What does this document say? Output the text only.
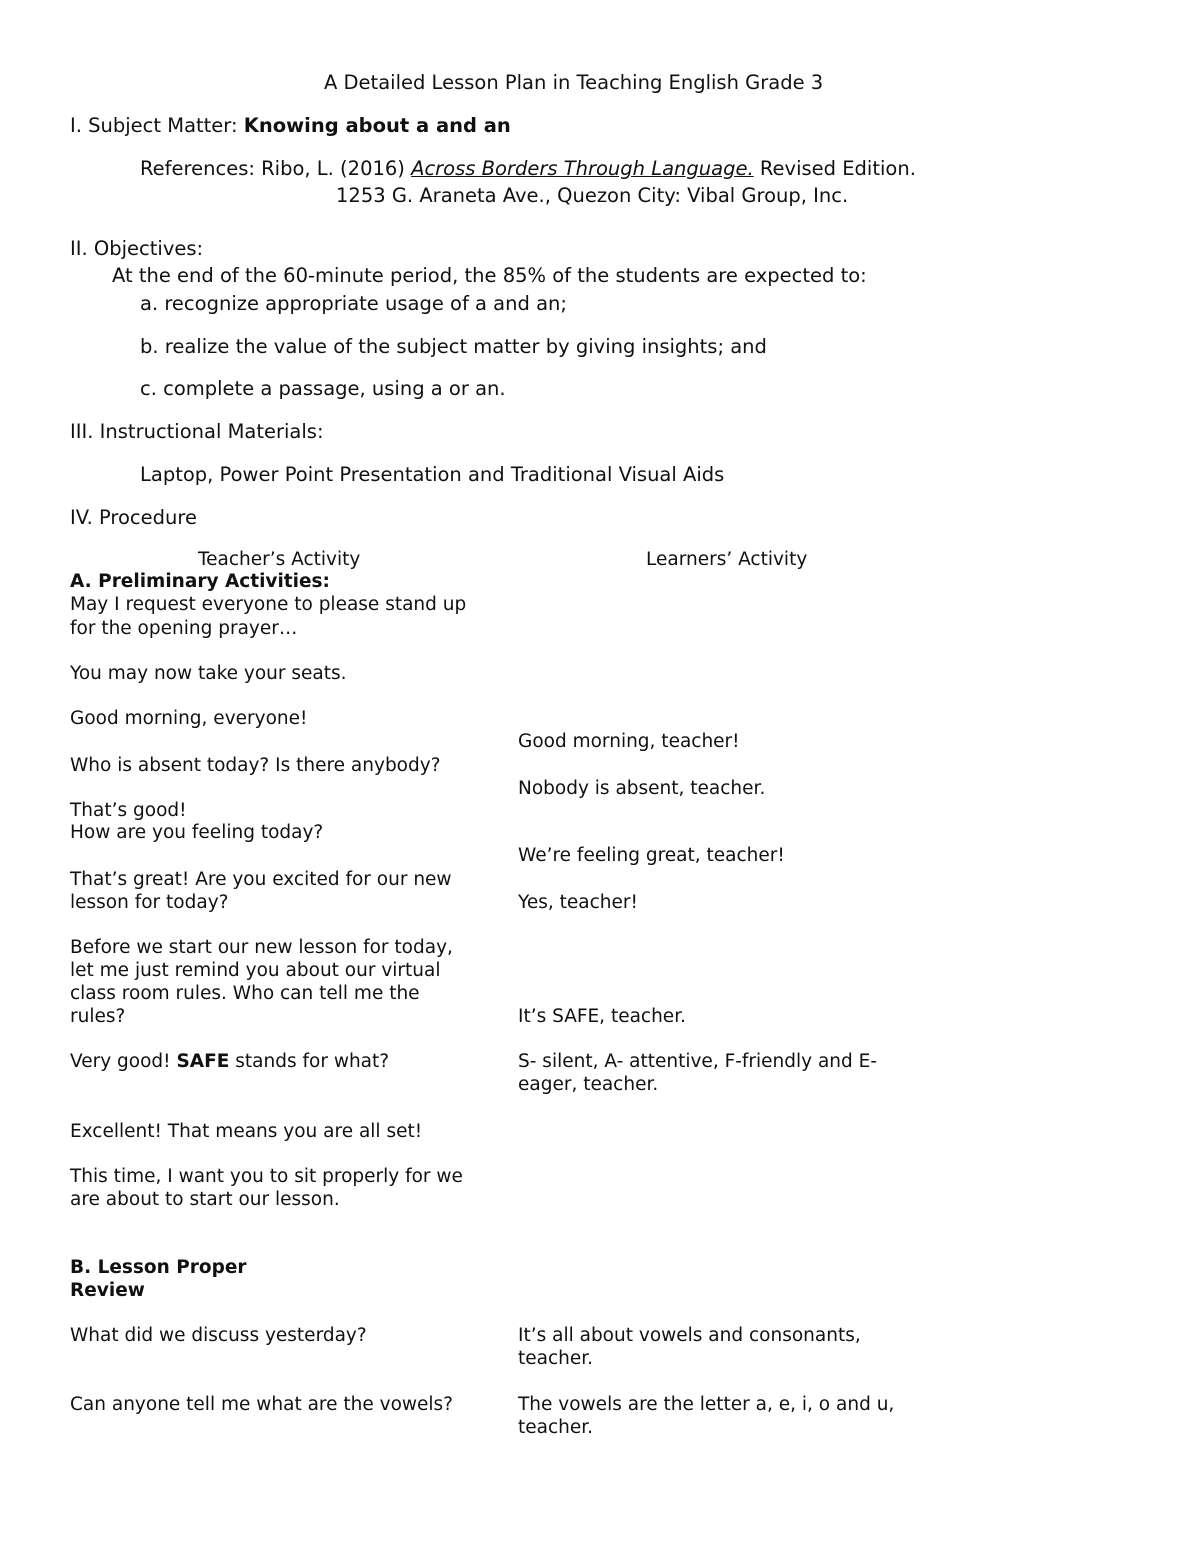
A Detailed Lesson Plan in Teaching English Grade 3
I. Subject Matter: Knowing about a and an
References: Ribo, L. (2016) Across Borders Through Language. Revised Edition.
1253 G. Araneta Ave., Quezon City: Vibal Group, Inc.
II. Objectives:
At the end of the 60-minute period, the 85% of the students are expected to:
a. recognize appropriate usage of a and an;
b. realize the value of the subject matter by giving insights; and
c. complete a passage, using a or an.
III. Instructional Materials:
Laptop, Power Point Presentation and Traditional Visual Aids
IV. Procedure
Teacher’s Activity	Learners’ Activity
A. Preliminary Activities:
May I request everyone to please stand up
for the opening prayer…
You may now take your seats.
Good morning, everyone!
Who is absent today? Is there anybody?
That’s good!
How are you feeling today?
That’s great! Are you excited for our new
lesson for today?
Before we start our new lesson for today,
let me just remind you about our virtual
class room rules. Who can tell me the
rules?
Very good! SAFE stands for what?
Excellent! That means you are all set!
This time, I want you to sit properly for we
are about to start our lesson.
Good morning, teacher!
Nobody is absent, teacher.
We’re feeling great, teacher!
Yes, teacher!
It’s SAFE, teacher.
S- silent, A- attentive, F-friendly and E-
eager, teacher.
B. Lesson Proper
Review
What did we discuss yesterday?
Can anyone tell me what are the vowels?
It’s all about vowels and consonants,
teacher.
The vowels are the letter a, e, i, o and u,
teacher.
